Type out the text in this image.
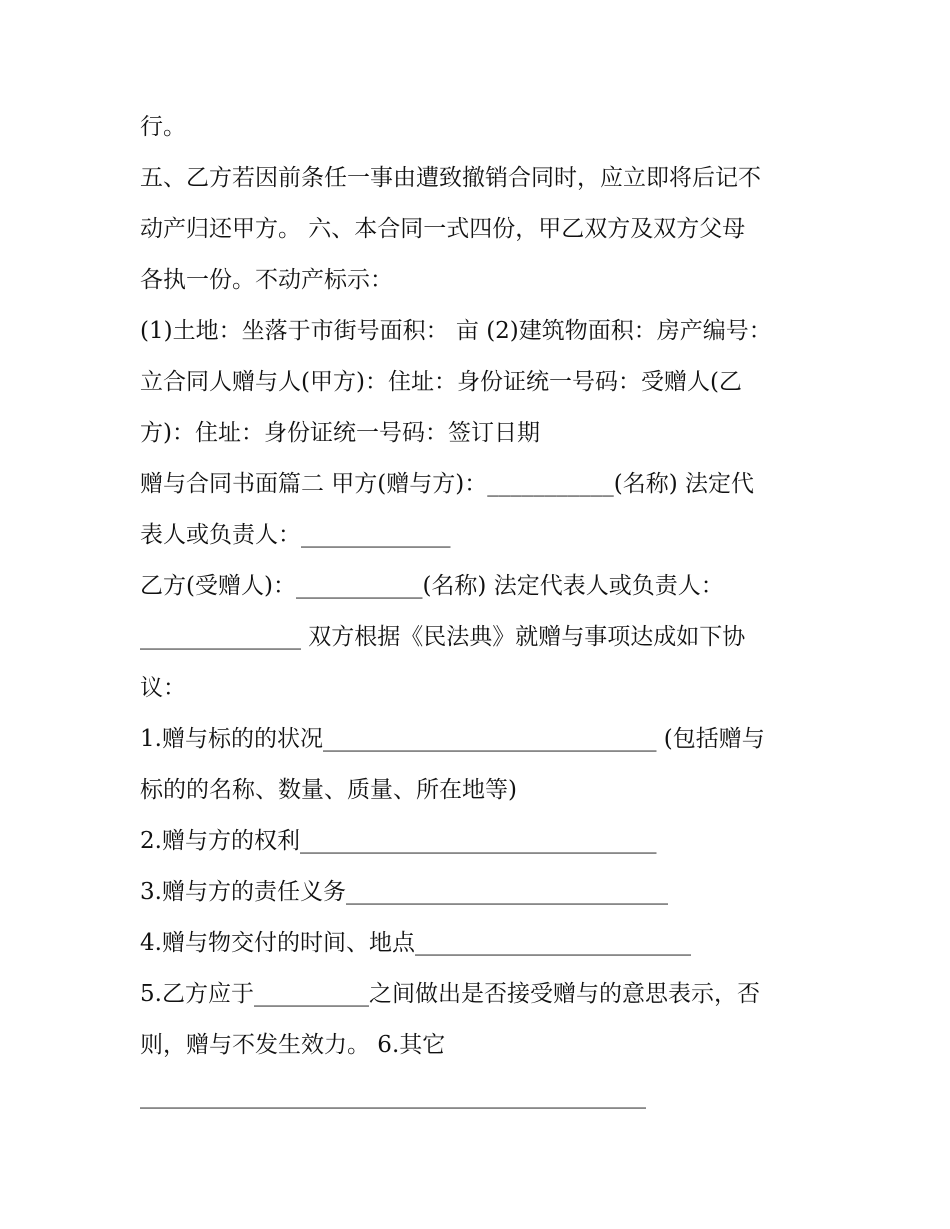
行。
五、乙方若因前条任一事由遭致撤销合同时，应立即将后记不
动产归还甲方。 六、本合同一式四份，甲乙双方及双方父母
各执一份。不动产标示：
(1)土地：坐落于市街号面积： 亩 (2)建筑物面积：房产编号：
立合同人赠与人(甲方)：住址：身份证统一号码：受赠人(乙
方)：住址：身份证统一号码：签订日期
赠与合同书面篇二 甲方(赠与方)：___________(名称) 法定代
表人或负责人：_____________
乙方(受赠人)：___________(名称) 法定代表人或负责人：
______________ 双方根据《民法典》就赠与事项达成如下协
议：
1.赠与标的的状况_____________________________ (包括赠与
标的的名称、数量、质量、所在地等)
2.赠与方的权利_______________________________
3.赠与方的责任义务____________________________
4.赠与物交付的时间、地点________________________
5.乙方应于__________之间做出是否接受赠与的意思表示，否
则，赠与不发生效力。 6.其它
____________________________________________
